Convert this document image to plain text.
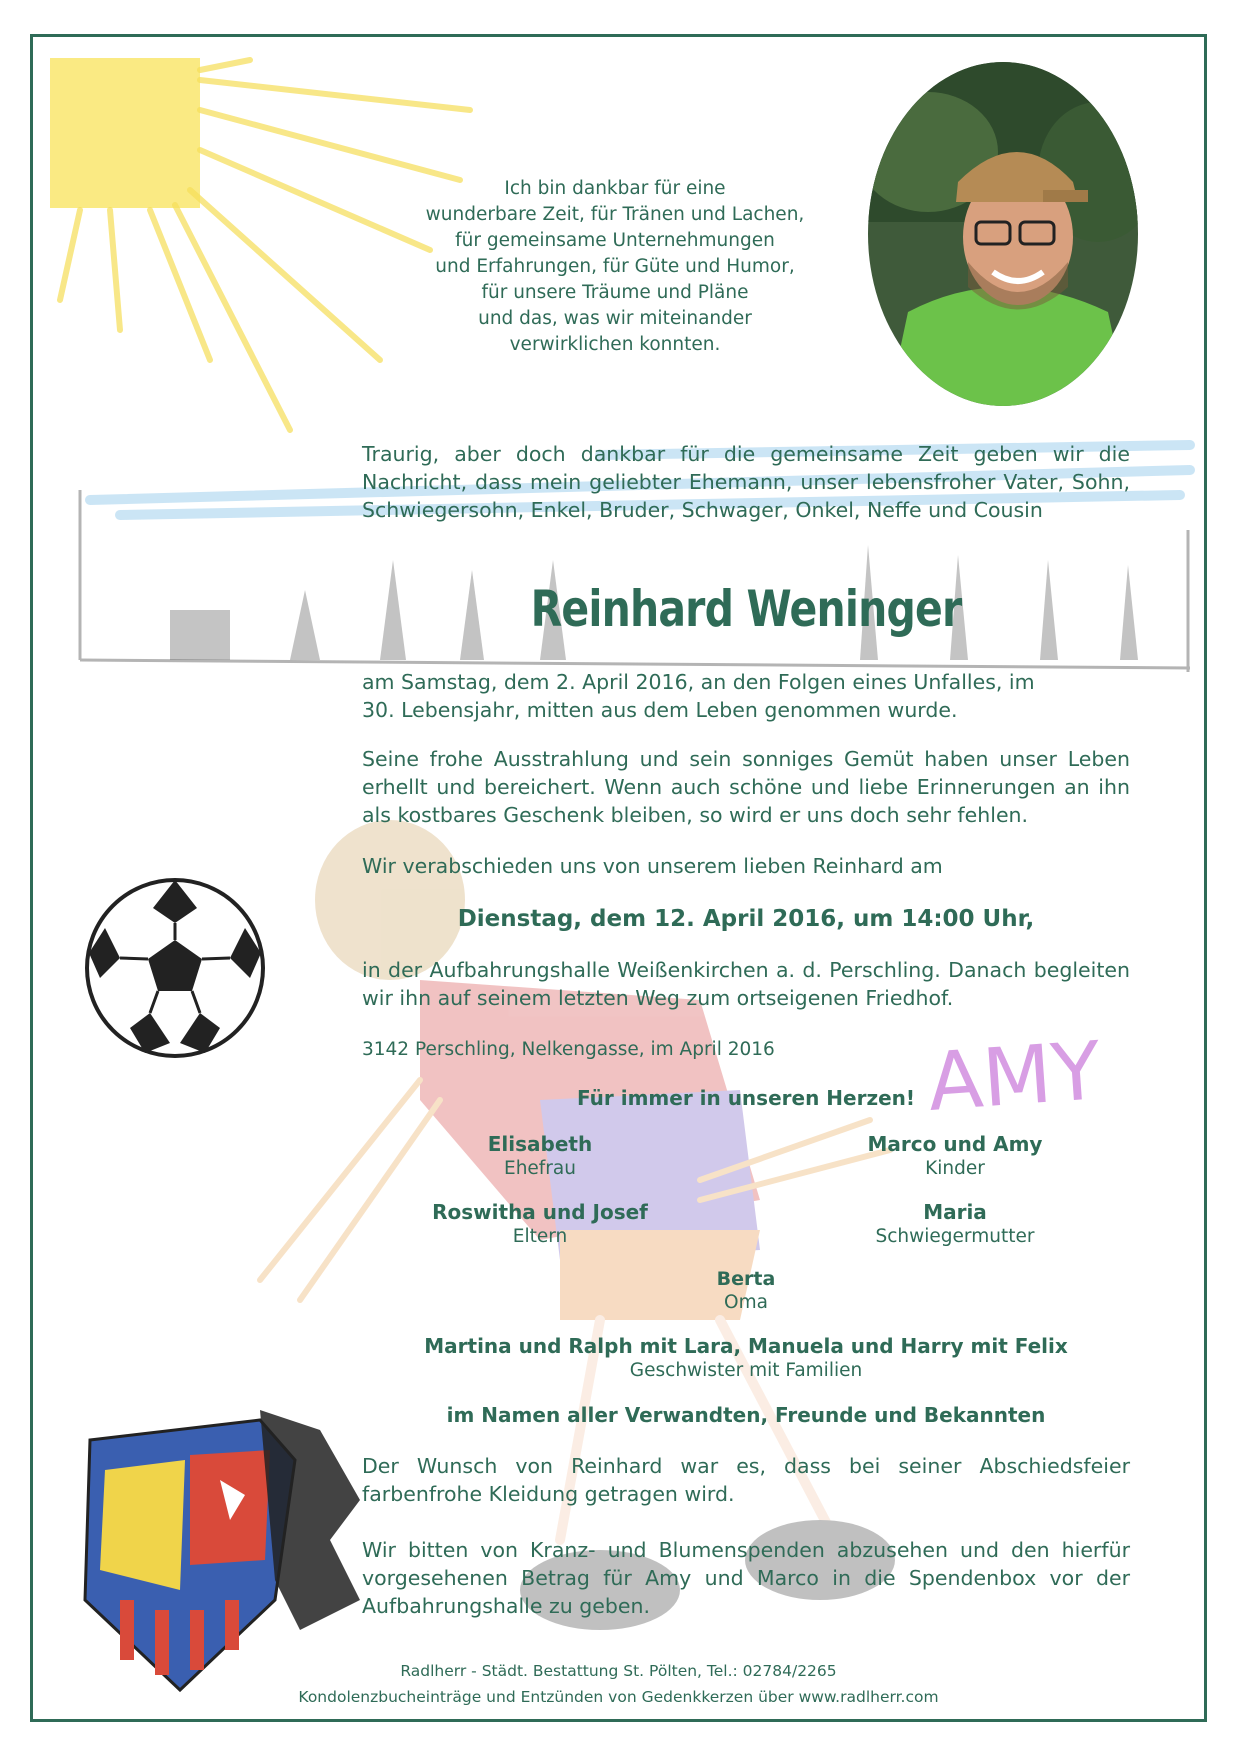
AMY
Ich bin dankbar für eine
wunderbare Zeit, für Tränen und Lachen,
für gemeinsame Unternehmungen
und Erfahrungen, für Güte und Humor,
für unsere Träume und Pläne
und das, was wir miteinander
verwirklichen konnten.
Traurig, aber doch dankbar für die gemeinsame Zeit geben wir die Nachricht, dass mein geliebter Ehemann, unser lebensfroher Vater, Sohn, Schwiegersohn, Enkel, Bruder, Schwager, Onkel, Neffe und Cousin
Reinhard Weninger
am Samstag, dem 2. April 2016, an den Folgen eines Unfalles, im 30. Lebensjahr, mitten aus dem Leben genommen wurde.
Seine frohe Ausstrahlung und sein sonniges Gemüt haben unser Leben erhellt und bereichert. Wenn auch schöne und liebe Erinnerungen an ihn als kostbares Geschenk bleiben, so wird er uns doch sehr fehlen.
Wir verabschieden uns von unserem lieben Reinhard am
Dienstag, dem 12. April 2016, um 14:00 Uhr,
in der Aufbahrungshalle Weißenkirchen a. d. Perschling. Danach begleiten wir ihn auf seinem letzten Weg zum ortseigenen Friedhof.
3142 Perschling, Nelkengasse, im April 2016
Für immer in unseren Herzen!
Elisabeth
Ehefrau
Marco und Amy
Kinder
Roswitha und Josef
Eltern
Maria
Schwiegermutter
Berta
Oma
Martina und Ralph mit Lara, Manuela und Harry mit Felix
Geschwister mit Familien
im Namen aller Verwandten, Freunde und Bekannten
Der Wunsch von Reinhard war es, dass bei seiner Abschiedsfeier farbenfrohe Kleidung getragen wird.
Wir bitten von Kranz- und Blumenspenden abzusehen und den hierfür vorgesehenen Betrag für Amy und Marco in die Spendenbox vor der Aufbahrungshalle zu geben.
Radlherr - Städt. Bestattung St. Pölten, Tel.: 02784/2265
Kondolenzbucheinträge und Entzünden von Gedenkkerzen über www.radlherr.com
